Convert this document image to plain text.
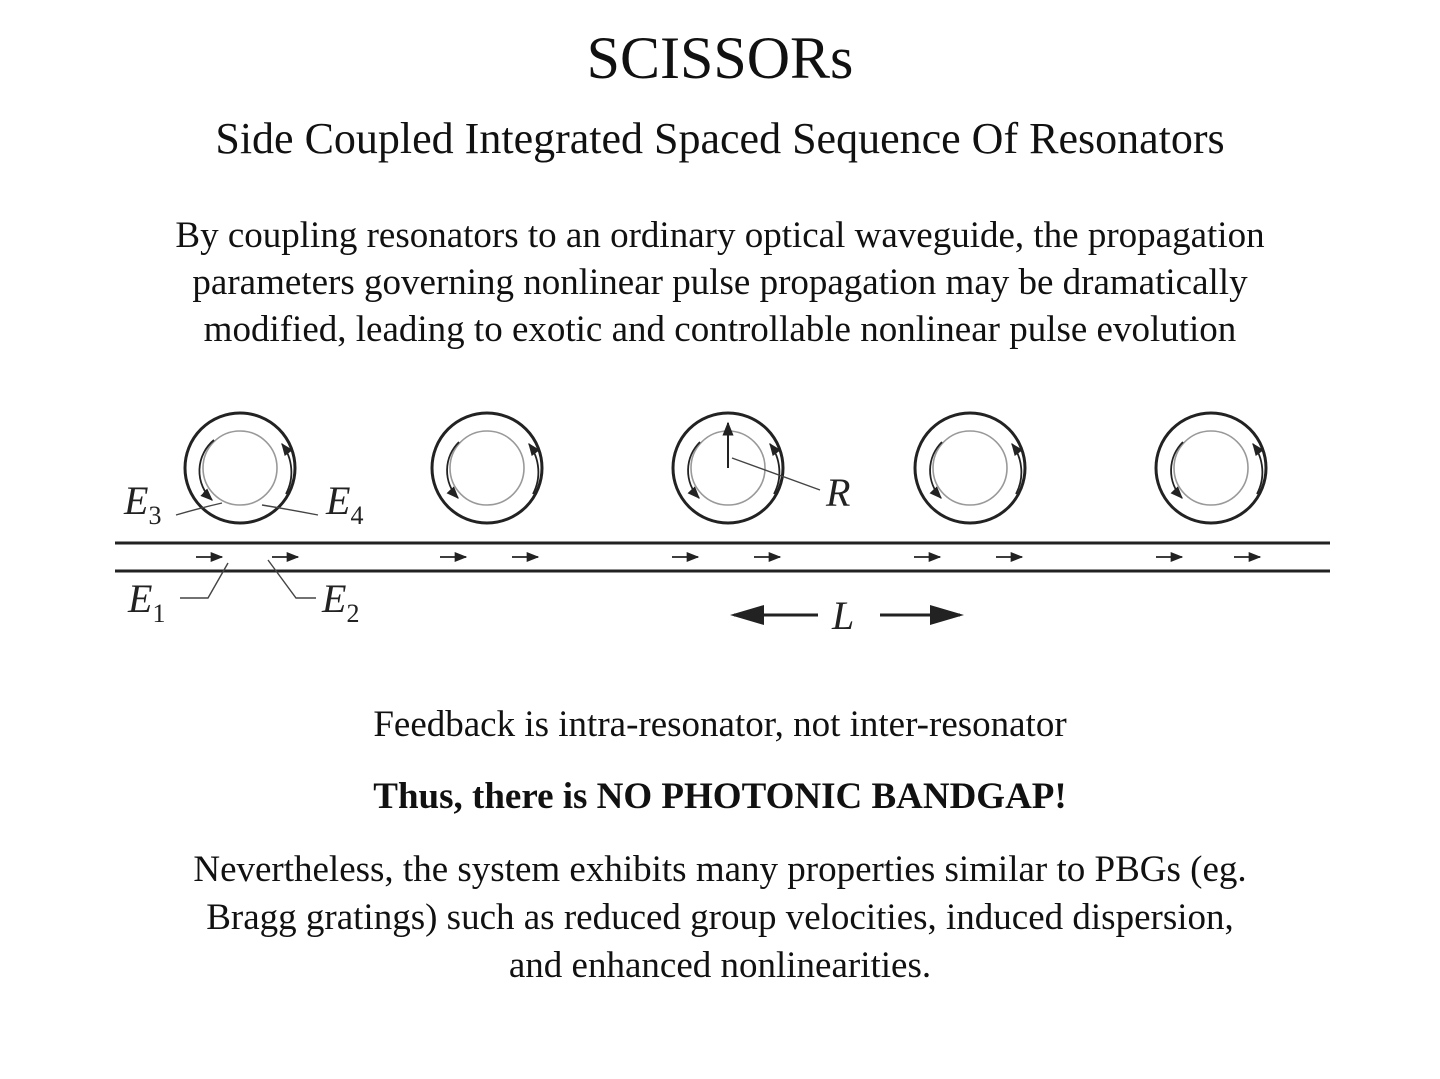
SCISSORs
Side Coupled Integrated Spaced Sequence Of Resonators
By coupling resonators to an ordinary optical waveguide, the propagation
parameters governing nonlinear pulse propagation may be dramatically
modified, leading to exotic and controllable nonlinear pulse evolution
$E_3$	$E_4$
$E_1$	$E_2$
R
L
Feedback is intra-resonator, not inter-resonator
Thus, there is NO PHOTONIC BANDGAP!
Nevertheless, the system exhibits many properties similar to PBGs (eg.
Bragg gratings) such as reduced group velocities, induced dispersion,
and enhanced nonlinearities.
